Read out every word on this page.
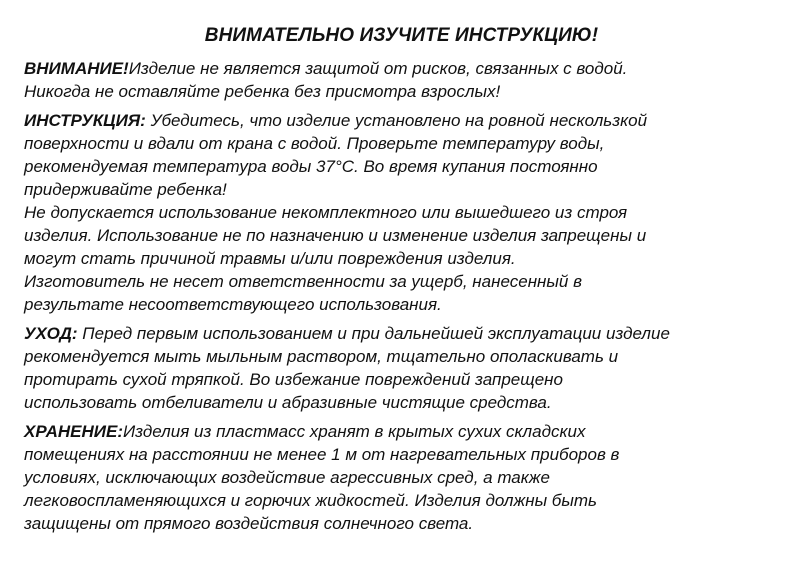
ВНИМАТЕЛЬНО ИЗУЧИТЕ ИНСТРУКЦИЮ!
ВНИМАНИЕ!Изделие не является защитой от рисков, связанных с водой.
Никогда не оставляйте ребенка без присмотра взрослых!
ИНСТРУКЦИЯ: Убедитесь, что изделие установлено на ровной нескользкой
поверхности и вдали от крана с водой. Проверьте температуру воды,
рекомендуемая температура воды 37°С. Во время купания постоянно
придерживайте ребенка!
Не допускается использование некомплектного или вышедшего из строя
изделия. Использование не по назначению и изменение изделия запрещены и
могут стать причиной травмы и/или повреждения изделия.
Изготовитель не несет ответственности за ущерб, нанесенный в
результате несоответствующего использования.
УХОД: Перед первым использованием и при дальнейшей эксплуатации изделие
рекомендуется мыть мыльным раствором, тщательно ополаскивать и
протирать сухой тряпкой. Во избежание повреждений запрещено
использовать отбеливатели и абразивные чистящие средства.
ХРАНЕНИЕ:Изделия из пластмасс хранят в крытых сухих складских
помещениях на расстоянии не менее 1 м от нагревательных приборов в
условиях, исключающих воздействие агрессивных сред, а также
легковоспламеняющихся и горючих жидкостей. Изделия должны быть
защищены от прямого воздействия солнечного света.
